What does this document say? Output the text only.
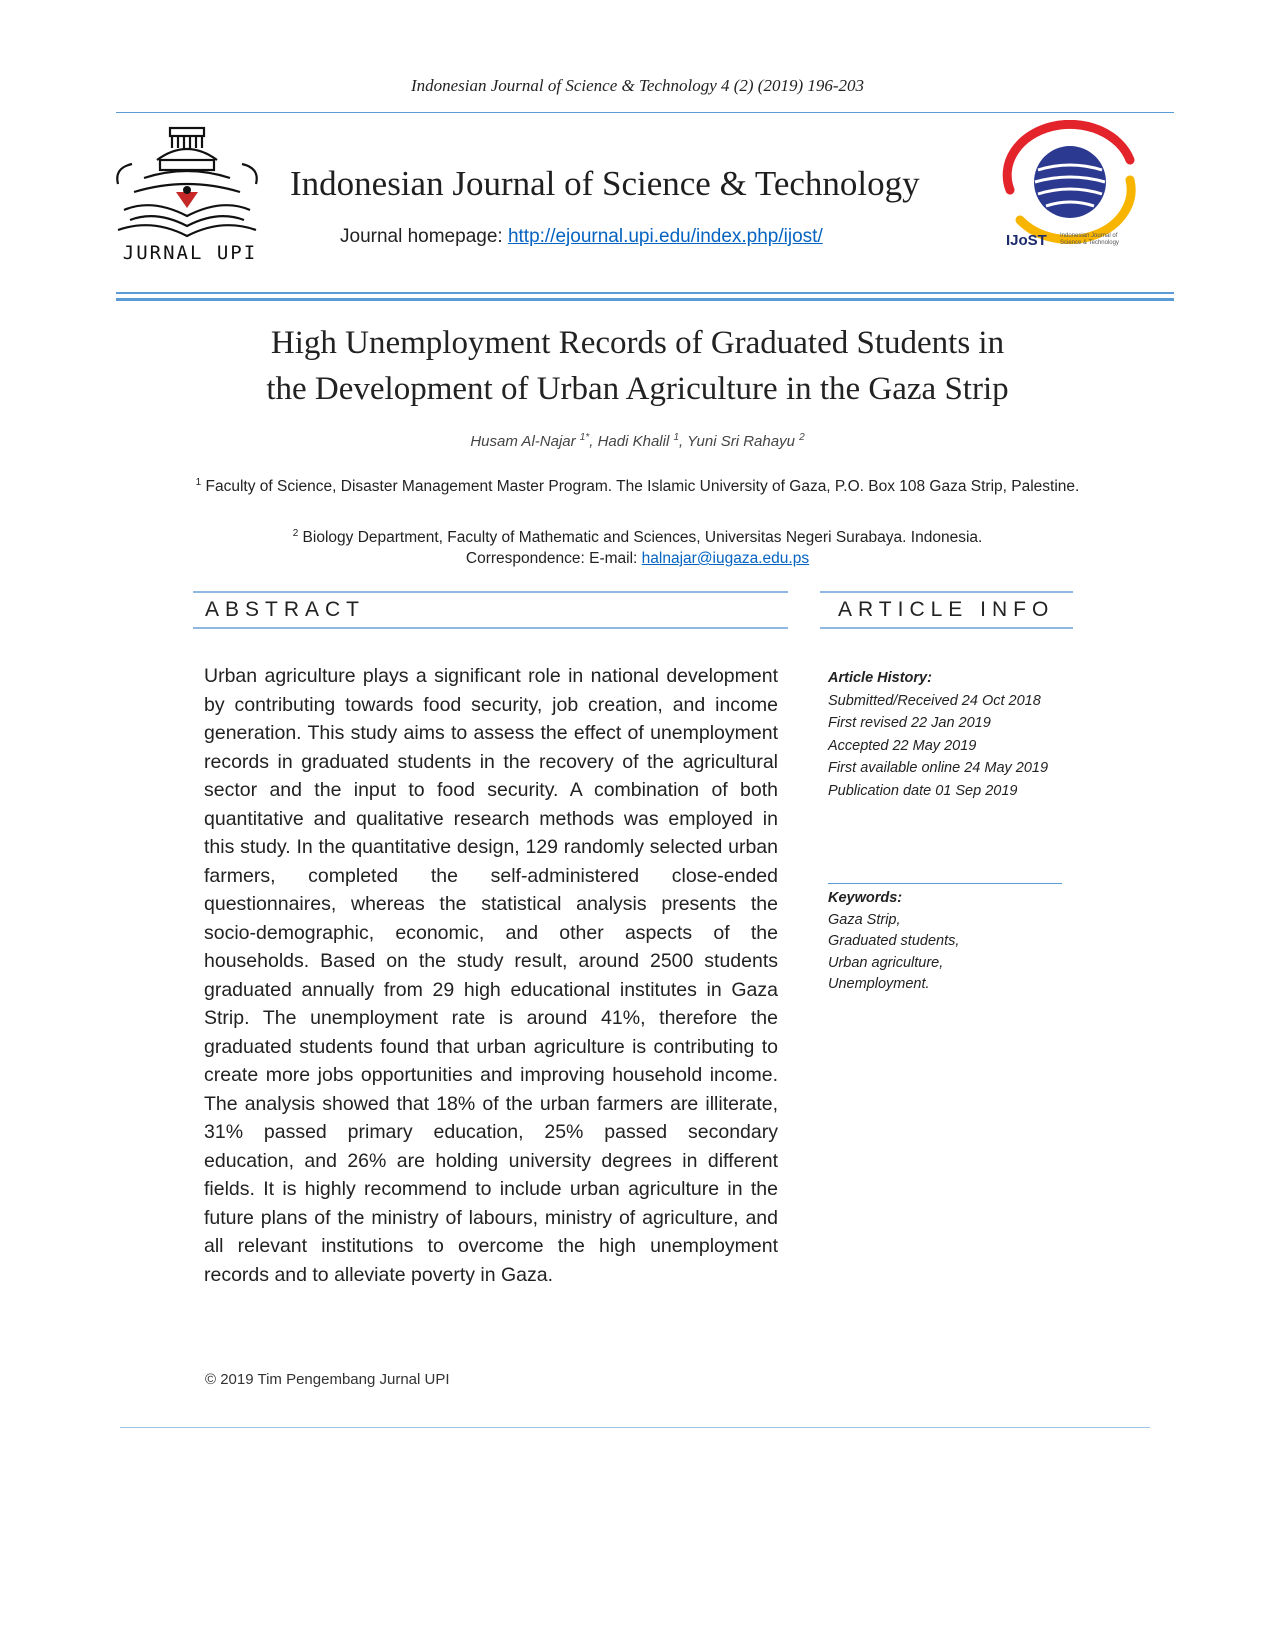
Indonesian Journal of Science & Technology 4 (2) (2019) 196-203
JURNAL UPI
Indonesian Journal of Science & Technology
Journal homepage: http://ejournal.upi.edu/index.php/ijost/	IJoST Indonesian Journal of Science & Technology
High Unemployment Records of Graduated Students in
the Development of Urban Agriculture in the Gaza Strip
Husam Al-Najar $^{1*}$, Hadi Khalil $^1$, Yuni Sri Rahayu $^2$
$^1$ Faculty of Science, Disaster Management Master Program. The Islamic University of Gaza, P.O. Box 108 Gaza Strip, Palestine.
$^2$ Biology Department, Faculty of Mathematic and Sciences, Universitas Negeri Surabaya. Indonesia.
Correspondence: E-mail: halnajar@iugaza.edu.ps
ABSTRACT	ARTICLE INFO
Urban agriculture plays a significant role in national development by contributing towards food security, job creation, and income generation. This study aims to assess the effect of unemployment records in graduated students in the recovery of the agricultural sector and the input to food security. A combination of both quantitative and qualitative research methods was employed in this study. In the quantitative design, 129 randomly selected urban farmers, completed the self-administered close-ended questionnaires, whereas the statistical analysis presents the socio-demographic, economic, and other aspects of the households. Based on the study result, around 2500 students graduated annually from 29 high educational institutes in Gaza Strip. The unemployment rate is around 41%, therefore the graduated students found that urban agriculture is contributing to create more jobs opportunities and improving household income. The analysis showed that 18% of the urban farmers are illiterate, 31% passed primary education, 25% passed secondary education, and 26% are holding university degrees in different fields. It is highly recommend to include urban agriculture in the future plans of the ministry of labours, ministry of agriculture, and all relevant institutions to overcome the high unemployment records and to alleviate poverty in Gaza.
© 2019 Tim Pengembang Jurnal UPI
Article History:
Submitted/Received 24 Oct 2018
First revised 22 Jan 2019
Accepted 22 May 2019
First available online 24 May 2019
Publication date 01 Sep 2019
Keywords:
Gaza Strip,
Graduated students,
Urban agriculture,
Unemployment.
